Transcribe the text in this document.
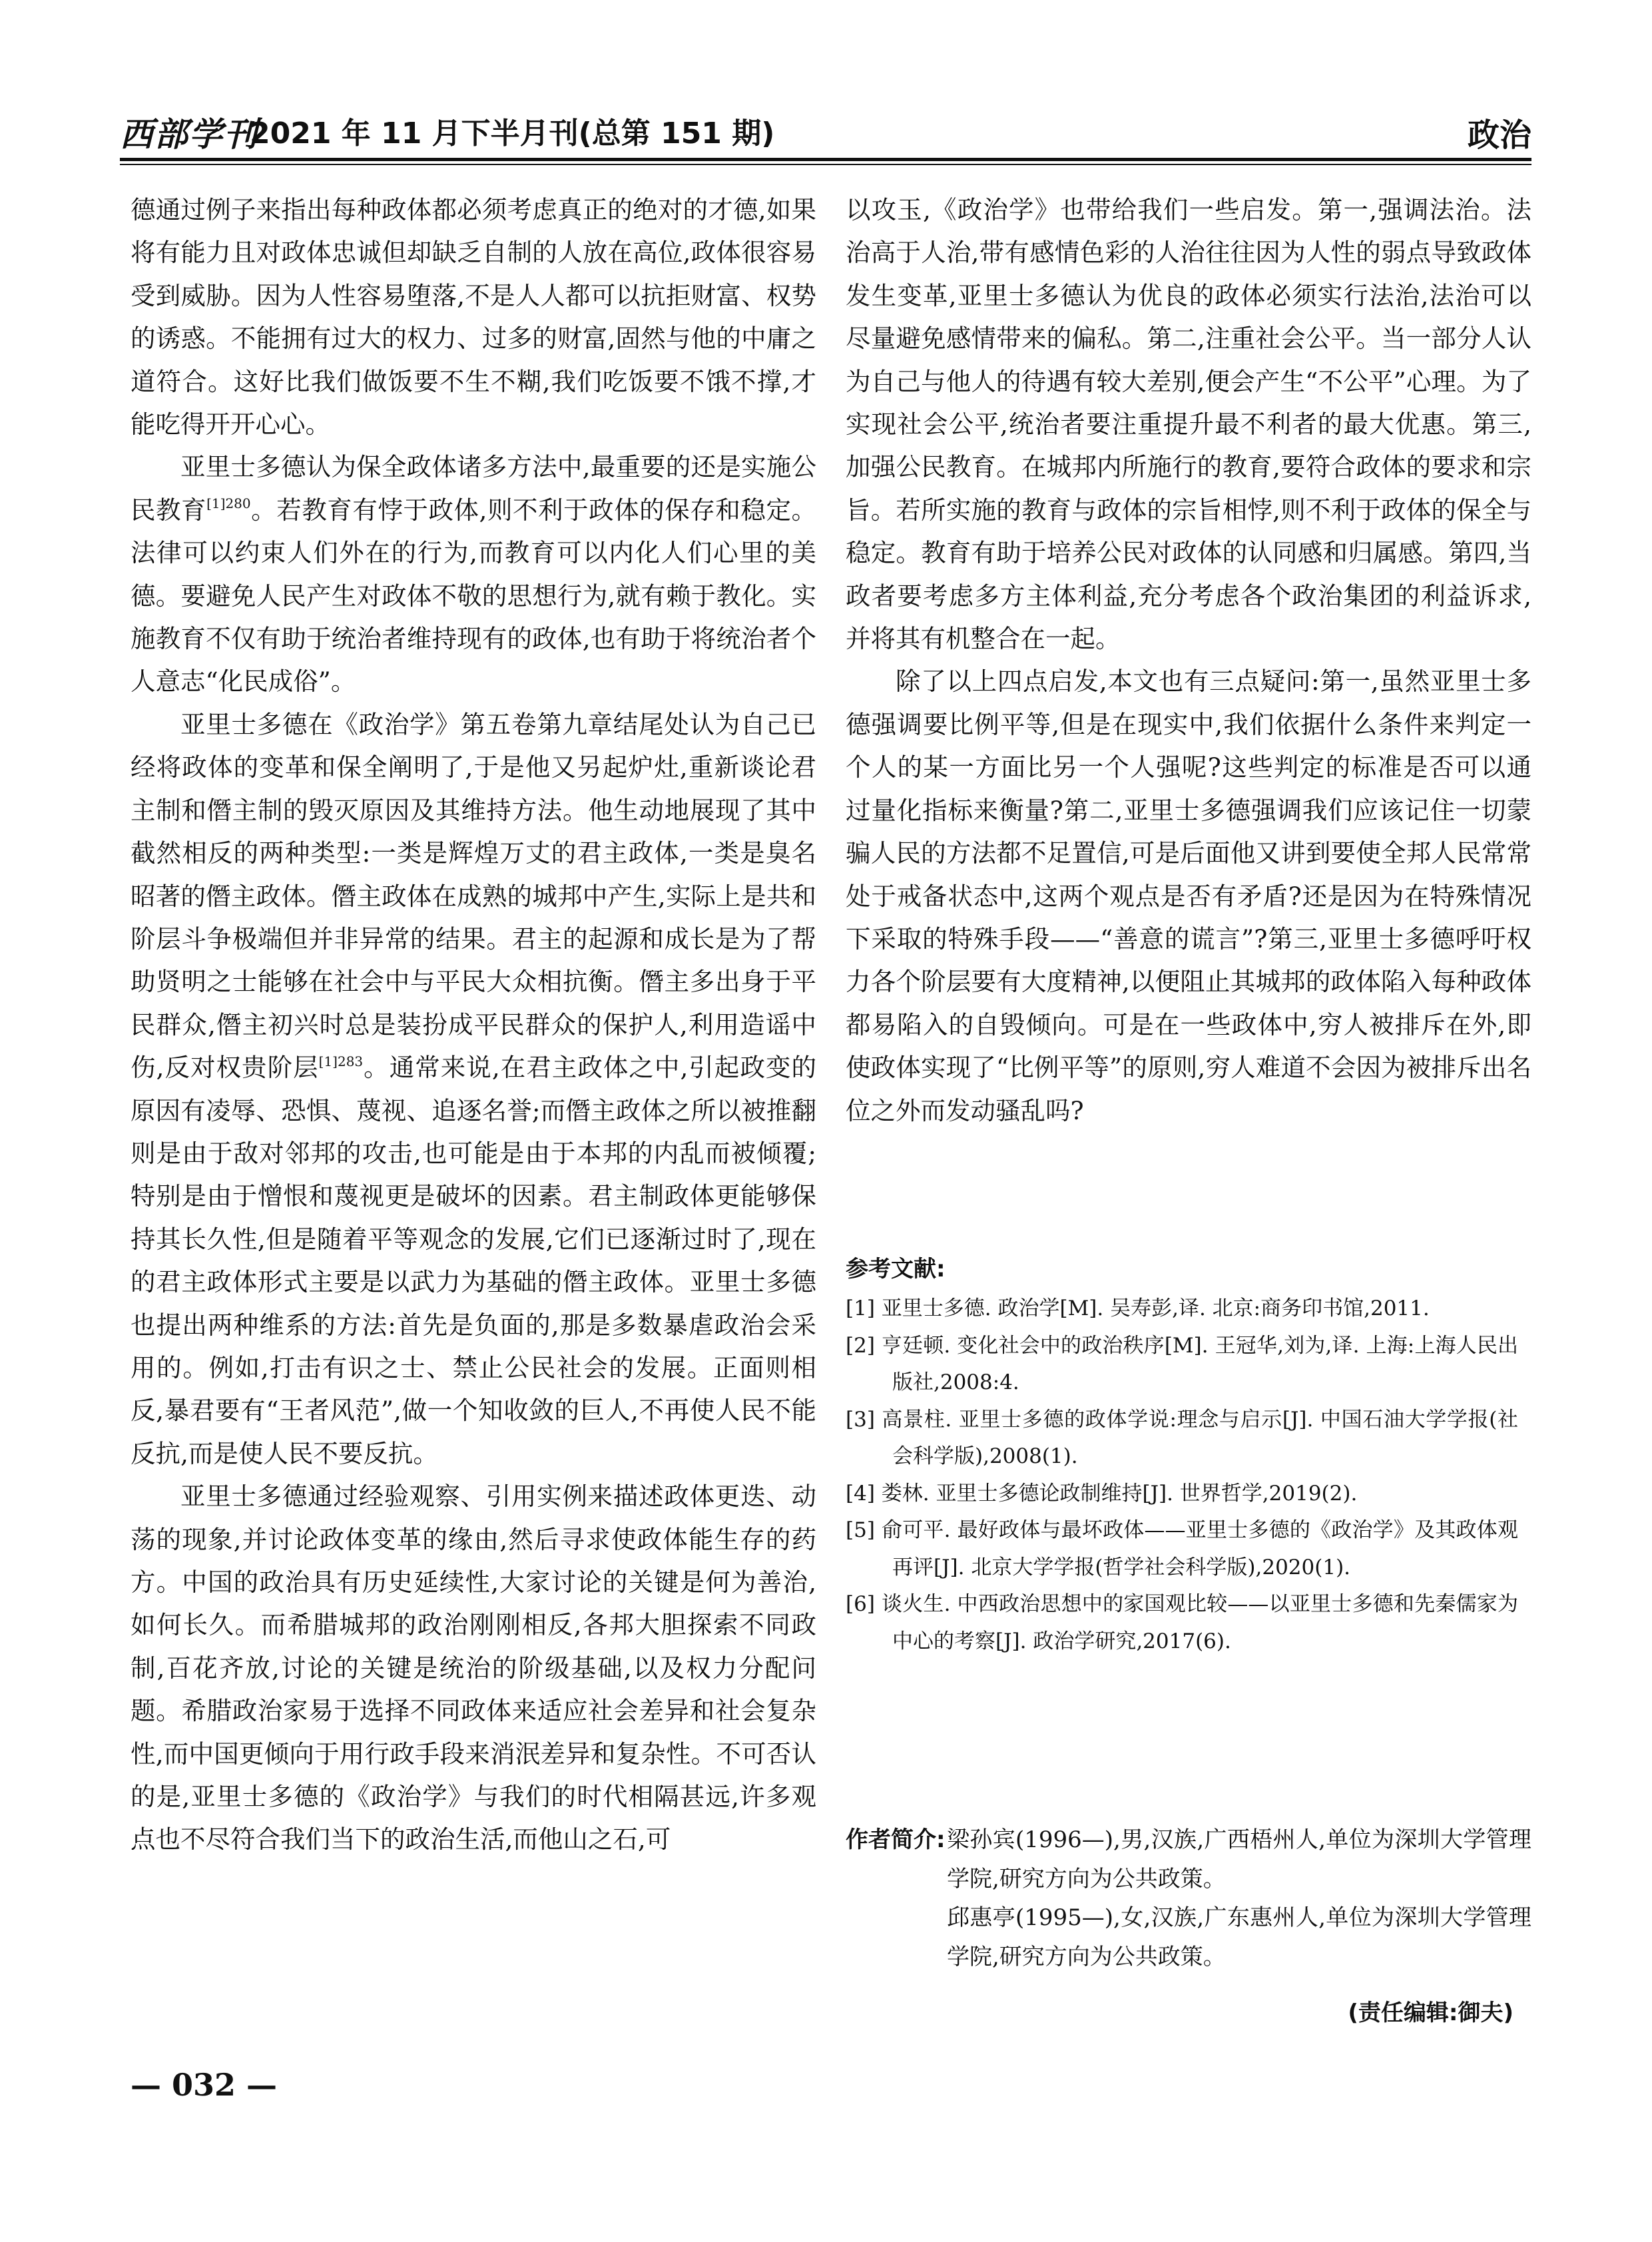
西部学刊
2021 年 11 月下半月刊(总第 151 期)	政治

德通过例子来指出每种政体都必须考虑真正的绝对的才德,如果将有能力且对政体忠诚但却缺乏自制的人放在高位,政体很容易受到威胁。因为人性容易堕落,不是人人都可以抗拒财富、权势的诱惑。不能拥有过大的权力、过多的财富,固然与他的中庸之道符合。这好比我们做饭要不生不糊,我们吃饭要不饿不撑,才能吃得开开心心。

亚里士多德认为保全政体诸多方法中,最重要的还是实施公民教育$^{[1]280}$。若教育有悖于政体,则不利于政体的保存和稳定。法律可以约束人们外在的行为,而教育可以内化人们心里的美德。要避免人民产生对政体不敬的思想行为,就有赖于教化。实施教育不仅有助于统治者维持现有的政体,也有助于将统治者个人意志“化民成俗”。

亚里士多德在《政治学》第五卷第九章结尾处认为自己已经将政体的变革和保全阐明了,于是他又另起炉灶,重新谈论君主制和僭主制的毁灭原因及其维持方法。他生动地展现了其中截然相反的两种类型:一类是辉煌万丈的君主政体,一类是臭名昭著的僭主政体。僭主政体在成熟的城邦中产生,实际上是共和阶层斗争极端但并非异常的结果。君主的起源和成长是为了帮助贤明之士能够在社会中与平民大众相抗衡。僭主多出身于平民群众,僭主初兴时总是装扮成平民群众的保护人,利用造谣中伤,反对权贵阶层$^{[1]283}$。通常来说,在君主政体之中,引起政变的原因有凌辱、恐惧、蔑视、追逐名誉;而僭主政体之所以被推翻则是由于敌对邻邦的攻击,也可能是由于本邦的内乱而被倾覆;特别是由于憎恨和蔑视更是破坏的因素。君主制政体更能够保持其长久性,但是随着平等观念的发展,它们已逐渐过时了,现在的君主政体形式主要是以武力为基础的僭主政体。亚里士多德也提出两种维系的方法:首先是负面的,那是多数暴虐政治会采用的。例如,打击有识之士、禁止公民社会的发展。正面则相反,暴君要有“王者风范”,做一个知收敛的巨人,不再使人民不能反抗,而是使人民不要反抗。

亚里士多德通过经验观察、引用实例来描述政体更迭、动荡的现象,并讨论政体变革的缘由,然后寻求使政体能生存的药方。中国的政治具有历史延续性,大家讨论的关键是何为善治,如何长久。而希腊城邦的政治刚刚相反,各邦大胆探索不同政制,百花齐放,讨论的关键是统治的阶级基础,以及权力分配问题。希腊政治家易于选择不同政体来适应社会差异和社会复杂性,而中国更倾向于用行政手段来消泯差异和复杂性。不可否认的是,亚里士多德的《政治学》与我们的时代相隔甚远,许多观点也不尽符合我们当下的政治生活,而他山之石,可

以攻玉,《政治学》也带给我们一些启发。第一,强调法治。法治高于人治,带有感情色彩的人治往往因为人性的弱点导致政体发生变革,亚里士多德认为优良的政体必须实行法治,法治可以尽量避免感情带来的偏私。第二,注重社会公平。当一部分人认为自己与他人的待遇有较大差别,便会产生“不公平”心理。为了实现社会公平,统治者要注重提升最不利者的最大优惠。第三,加强公民教育。在城邦内所施行的教育,要符合政体的要求和宗旨。若所实施的教育与政体的宗旨相悖,则不利于政体的保全与稳定。教育有助于培养公民对政体的认同感和归属感。第四,当政者要考虑多方主体利益,充分考虑各个政治集团的利益诉求,并将其有机整合在一起。

除了以上四点启发,本文也有三点疑问:第一,虽然亚里士多德强调要比例平等,但是在现实中,我们依据什么条件来判定一个人的某一方面比另一个人强呢?这些判定的标准是否可以通过量化指标来衡量?第二,亚里士多德强调我们应该记住一切蒙骗人民的方法都不足置信,可是后面他又讲到要使全邦人民常常处于戒备状态中,这两个观点是否有矛盾?还是因为在特殊情况下采取的特殊手段——“善意的谎言”?第三,亚里士多德呼吁权力各个阶层要有大度精神,以便阻止其城邦的政体陷入每种政体都易陷入的自毁倾向。可是在一些政体中,穷人被排斥在外,即使政体实现了“比例平等”的原则,穷人难道不会因为被排斥出名位之外而发动骚乱吗?

参考文献:
[1] 亚里士多德. 政治学[M]. 吴寿彭,译. 北京:商务印书馆,2011.
[2] 亨廷顿. 变化社会中的政治秩序[M]. 王冠华,刘为,译. 上海:上海人民出版社,2008:4.
[3] 高景柱. 亚里士多德的政体学说:理念与启示[J]. 中国石油大学学报(社会科学版),2008(1).
[4] 娄林. 亚里士多德论政制维持[J]. 世界哲学,2019(2).
[5] 俞可平. 最好政体与最坏政体——亚里士多德的《政治学》及其政体观再评[J]. 北京大学学报(哲学社会科学版),2020(1).
[6] 谈火生. 中西政治思想中的家国观比较——以亚里士多德和先秦儒家为中心的考察[J]. 政治学研究,2017(6).
作者简介: 梁孙宾(1996—),男,汉族,广西梧州人,单位为深圳大学管理学院,研究方向为公共政策。
邱惠亭(1995—),女,汉族,广东惠州人,单位为深圳大学管理学院,研究方向为公共政策。
(责任编辑:御夫)
— 032 —
